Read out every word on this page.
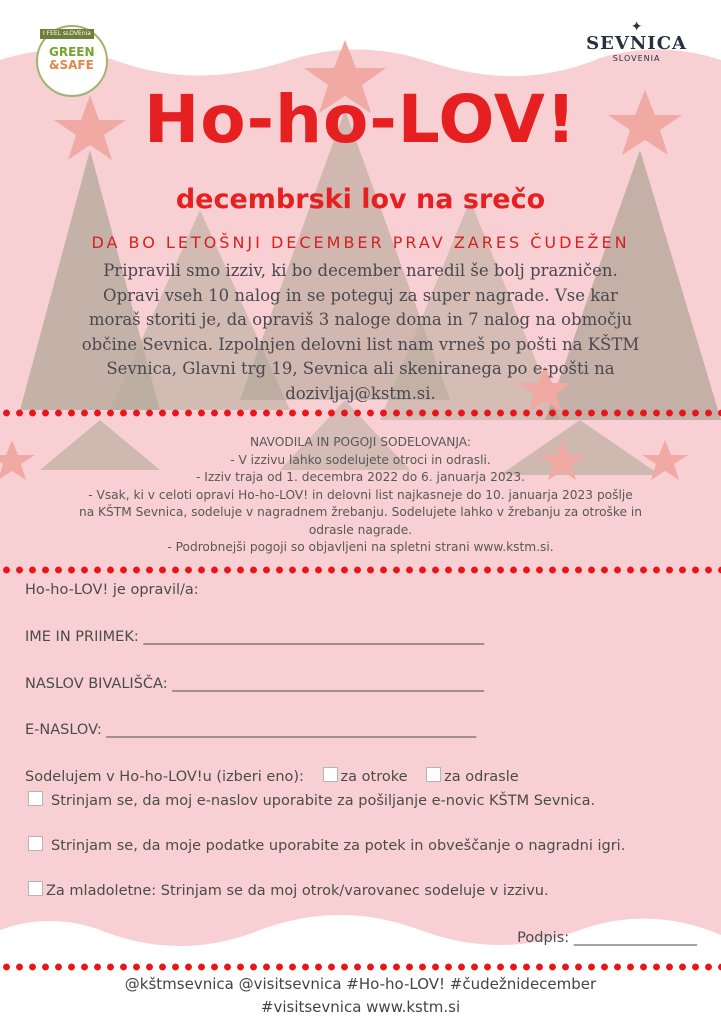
I FEEL sLOVEnia
GREEN
&SAFE
✦
SEVNICA
SLOVENIA
Ho-ho-LOV!
decembrski lov na srečo
DA BO LETOŠNJI DECEMBER PRAV ZARES ČUDEŽEN
Pripravili smo izziv, ki bo december naredil še bolj prazničen.
Opravi vseh 10 nalog in se poteguj za super nagrade. Vse kar
moraš storiti je, da opraviš 3 naloge doma in 7 nalog na območju
občine Sevnica. Izpolnjen delovni list nam vrneš po pošti na KŠTM
Sevnica, Glavni trg 19, Sevnica ali skeniranega po e-pošti na
dozivljaj@kstm.si.
NAVODILA IN POGOJI SODELOVANJA:
- V izzivu lahko sodelujete otroci in odrasli.
- Izziv traja od 1. decembra 2022 do 6. januarja 2023.
- Vsak, ki v celoti opravi Ho-ho-LOV! in delovni list najkasneje do 10. januarja 2023 pošlje
na KŠTM Sevnica, sodeluje v nagradnem žrebanju. Sodelujete lahko v žrebanju za otroške in
odrasle nagrade.
- Podrobnejši pogoji so objavljeni na spletni strani www.kstm.si.
Ho-ho-LOV! je opravil/a:
IME IN PRIIMEK: _______________________________________________
NASLOV BIVALIŠČA: ___________________________________________
E-NASLOV: ___________________________________________________
Sodelujem v Ho-ho-LOV!u (izberi eno):	za otroke	za odrasle
Strinjam se, da moj e-naslov uporabite za pošiljanje e-novic KŠTM Sevnica.
Strinjam se, da moje podatke uporabite za potek in obveščanje o nagradni igri.
Za mladoletne: Strinjam se da moj otrok/varovanec sodeluje v izzivu.
Podpis: _________________
@kštmsevnica @visitsevnica #Ho-ho-LOV! #čudežnidecember
#visitsevnica www.kstm.si
